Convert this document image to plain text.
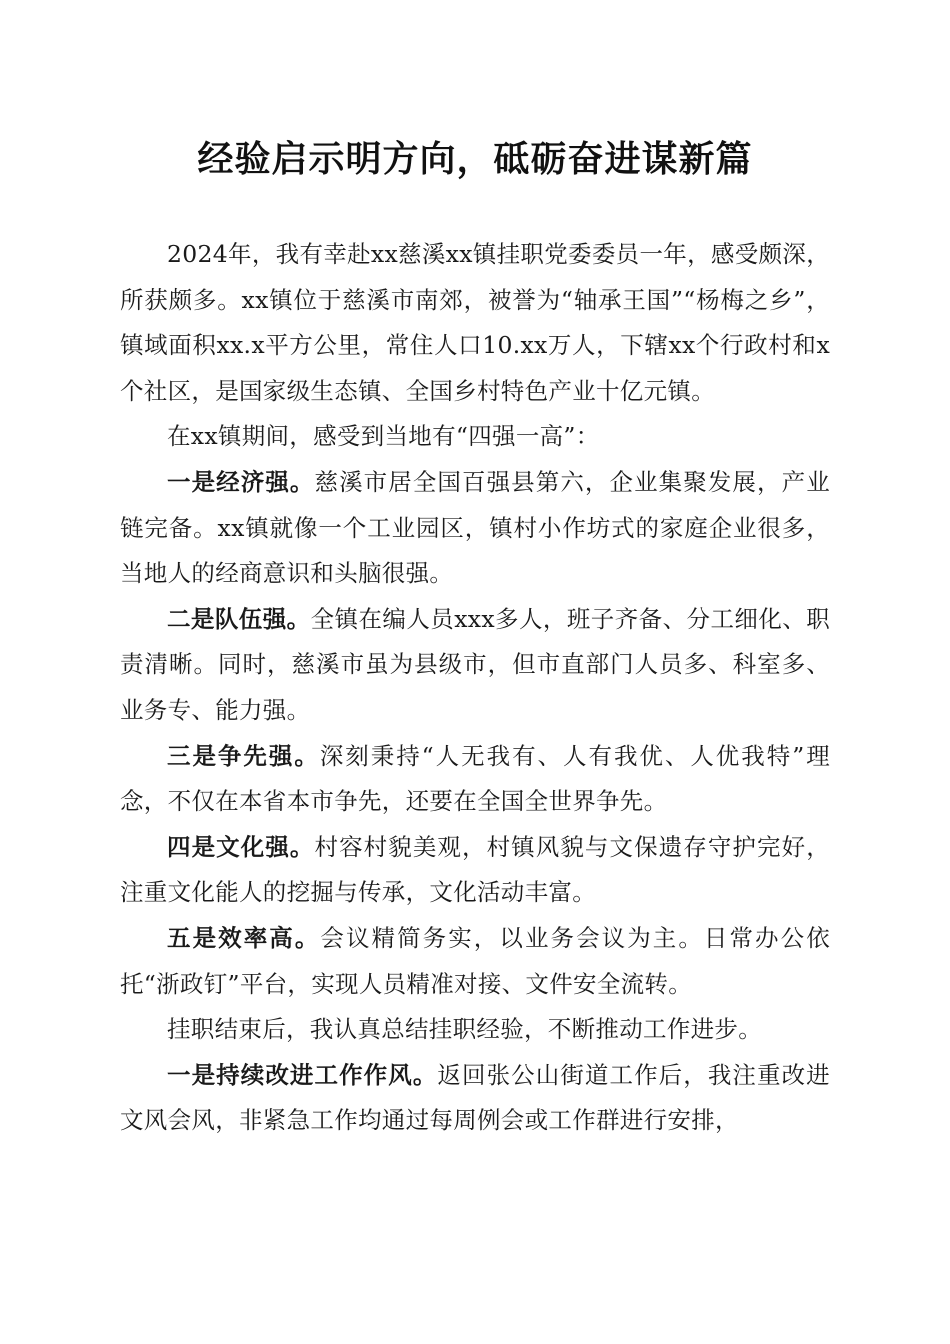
经验启示明方向，砥砺奋进谋新篇

2024年，我有幸赴xx慈溪xx镇挂职党委委员一年，感受颇深，所获颇多。xx镇位于慈溪市南郊，被誉为“轴承王国”“杨梅之乡”，镇域面积xx.x平方公里，常住人口10.xx万人，下辖xx个行政村和x个社区，是国家级生态镇、全国乡村特色产业十亿元镇。

在xx镇期间，感受到当地有“四强一高”：

一是经济强。慈溪市居全国百强县第六，企业集聚发展，产业链完备。xx镇就像一个工业园区，镇村小作坊式的家庭企业很多，当地人的经商意识和头脑很强。

二是队伍强。全镇在编人员xxx多人，班子齐备、分工细化、职责清晰。同时，慈溪市虽为县级市，但市直部门人员多、科室多、业务专、能力强。

三是争先强。深刻秉持“人无我有、人有我优、人优我特”理念，不仅在本省本市争先，还要在全国全世界争先。

四是文化强。村容村貌美观，村镇风貌与文保遗存守护完好，注重文化能人的挖掘与传承，文化活动丰富。

五是效率高。会议精简务实，以业务会议为主。日常办公依托“浙政钉”平台，实现人员精准对接、文件安全流转。

挂职结束后，我认真总结挂职经验，不断推动工作进步。

一是持续改进工作作风。返回张公山街道工作后，我注重改进文风会风，非紧急工作均通过每周例会或工作群进行安排，
